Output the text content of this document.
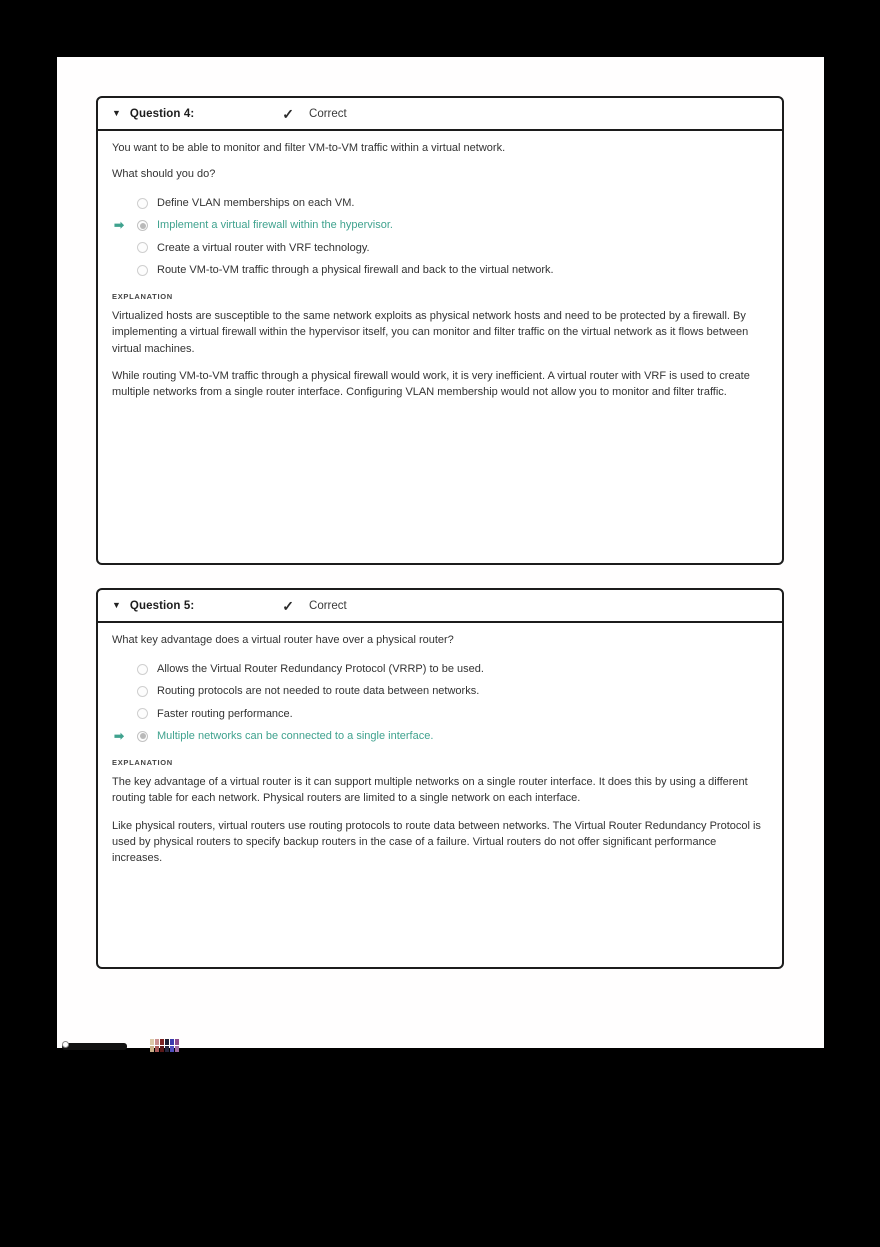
▼ Question 4:	✓ Correct

You want to be able to monitor and filter VM-to-VM traffic within a virtual network.

What should you do?

Define VLAN memberships on each VM.
➡	Implement a virtual firewall within the hypervisor.
Create a virtual router with VRF technology.
Route VM-to-VM traffic through a physical firewall and back to the virtual network.
EXPLANATION

Virtualized hosts are susceptible to the same network exploits as physical network hosts and need to be protected by a firewall. By implementing a virtual firewall within the hypervisor itself, you can monitor and filter traffic on the virtual network as it flows between virtual machines.

While routing VM-to-VM traffic through a physical firewall would work, it is very inefficient. A virtual router with VRF is used to create multiple networks from a single router interface. Configuring VLAN membership would not allow you to monitor and filter traffic.

▼ Question 5:	✓ Correct

What key advantage does a virtual router have over a physical router?

Allows the Virtual Router Redundancy Protocol (VRRP) to be used.
Routing protocols are not needed to route data between networks.
Faster routing performance.
➡	Multiple networks can be connected to a single interface.
EXPLANATION

The key advantage of a virtual router is it can support multiple networks on a single router interface. It does this by using a different routing table for each network. Physical routers are limited to a single network on each interface.

Like physical routers, virtual routers use routing protocols to route data between networks. The Virtual Router Redundancy Protocol is used by physical routers to specify backup routers in the case of a failure. Virtual routers do not offer significant performance increases.
